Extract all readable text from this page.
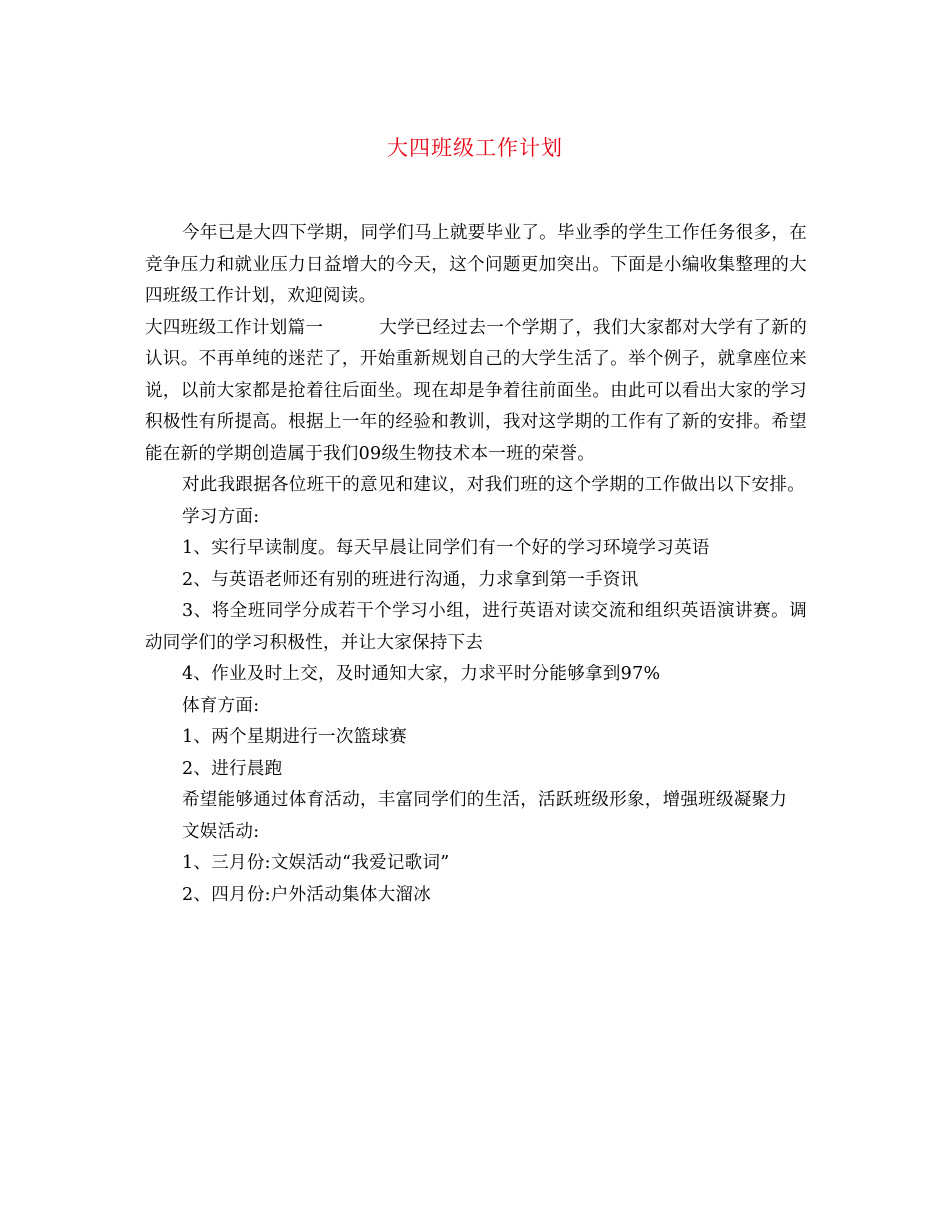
大四班级工作计划

今年已是大四下学期，同学们马上就要毕业了。毕业季的学生工作任务很多，在竞争压力和就业压力日益增大的今天，这个问题更加突出。下面是小编收集整理的大四班级工作计划，欢迎阅读。

大四班级工作计划篇一	大学已经过去一个学期了，我们大家都对大学有了新的认识。不再单纯的迷茫了，开始重新规划自己的大学生活了。举个例子，就拿座位来说，以前大家都是抢着往后面坐。现在却是争着往前面坐。由此可以看出大家的学习积极性有所提高。根据上一年的经验和教训，我对这学期的工作有了新的安排。希望能在新的学期创造属于我们09级生物技术本一班的荣誉。

对此我跟据各位班干的意见和建议，对我们班的这个学期的工作做出以下安排。

学习方面:

1、实行早读制度。每天早晨让同学们有一个好的学习环境学习英语

2、与英语老师还有别的班进行沟通，力求拿到第一手资讯

3、将全班同学分成若干个学习小组，进行英语对读交流和组织英语演讲赛。调动同学们的学习积极性，并让大家保持下去

4、作业及时上交，及时通知大家，力求平时分能够拿到97%

体育方面:

1、两个星期进行一次篮球赛

2、进行晨跑

希望能够通过体育活动，丰富同学们的生活，活跃班级形象，增强班级凝聚力

文娱活动:

1、三月份:文娱活动“我爱记歌词”

2、四月份:户外活动集体大溜冰
